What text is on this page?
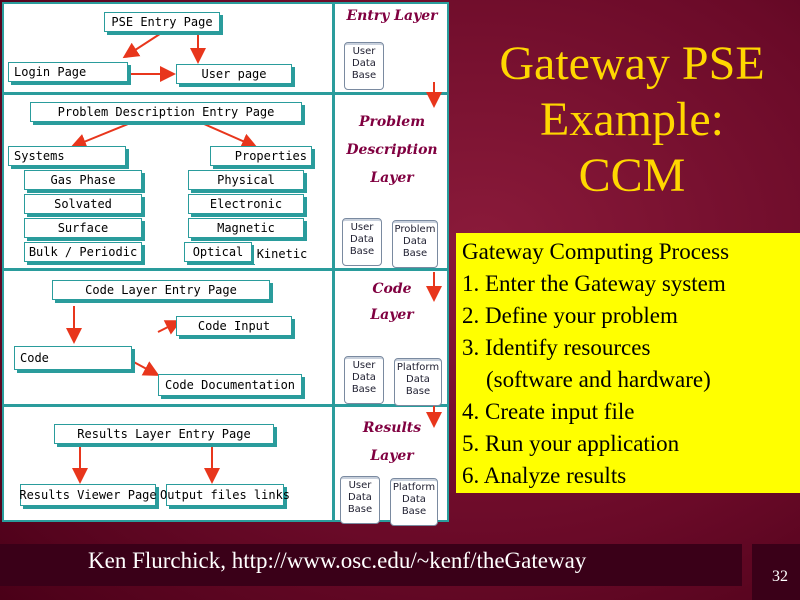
PSE Entry Page
Login Page	User page
Problem Description Entry Page
Systems	Properties
Gas Phase
Solvated
Surface
Bulk / Periodic
Physical
Electronic
Magnetic
Optical	Kinetic
Code Layer Entry Page
Code Input
Code
Code Documentation
Results Layer Entry Page
Results Viewer Page Output files links
Entry Layer
Problem
Description
Layer
Code
Layer
Results
Layer
User
Data
Base
User
Data
Base
Problem
Data
Base
User
Data
Base
Platform
Data
Base
User
Data
Base
Platform
Data
Base
Gateway PSE
Example:
CCM
Gateway Computing Process
1. Enter the Gateway system
2. Define your problem
3. Identify resources
(software and hardware)
4. Create input file
5. Run your application
6. Analyze results
Ken Flurchick, http://www.osc.edu/~kenf/theGateway
32
